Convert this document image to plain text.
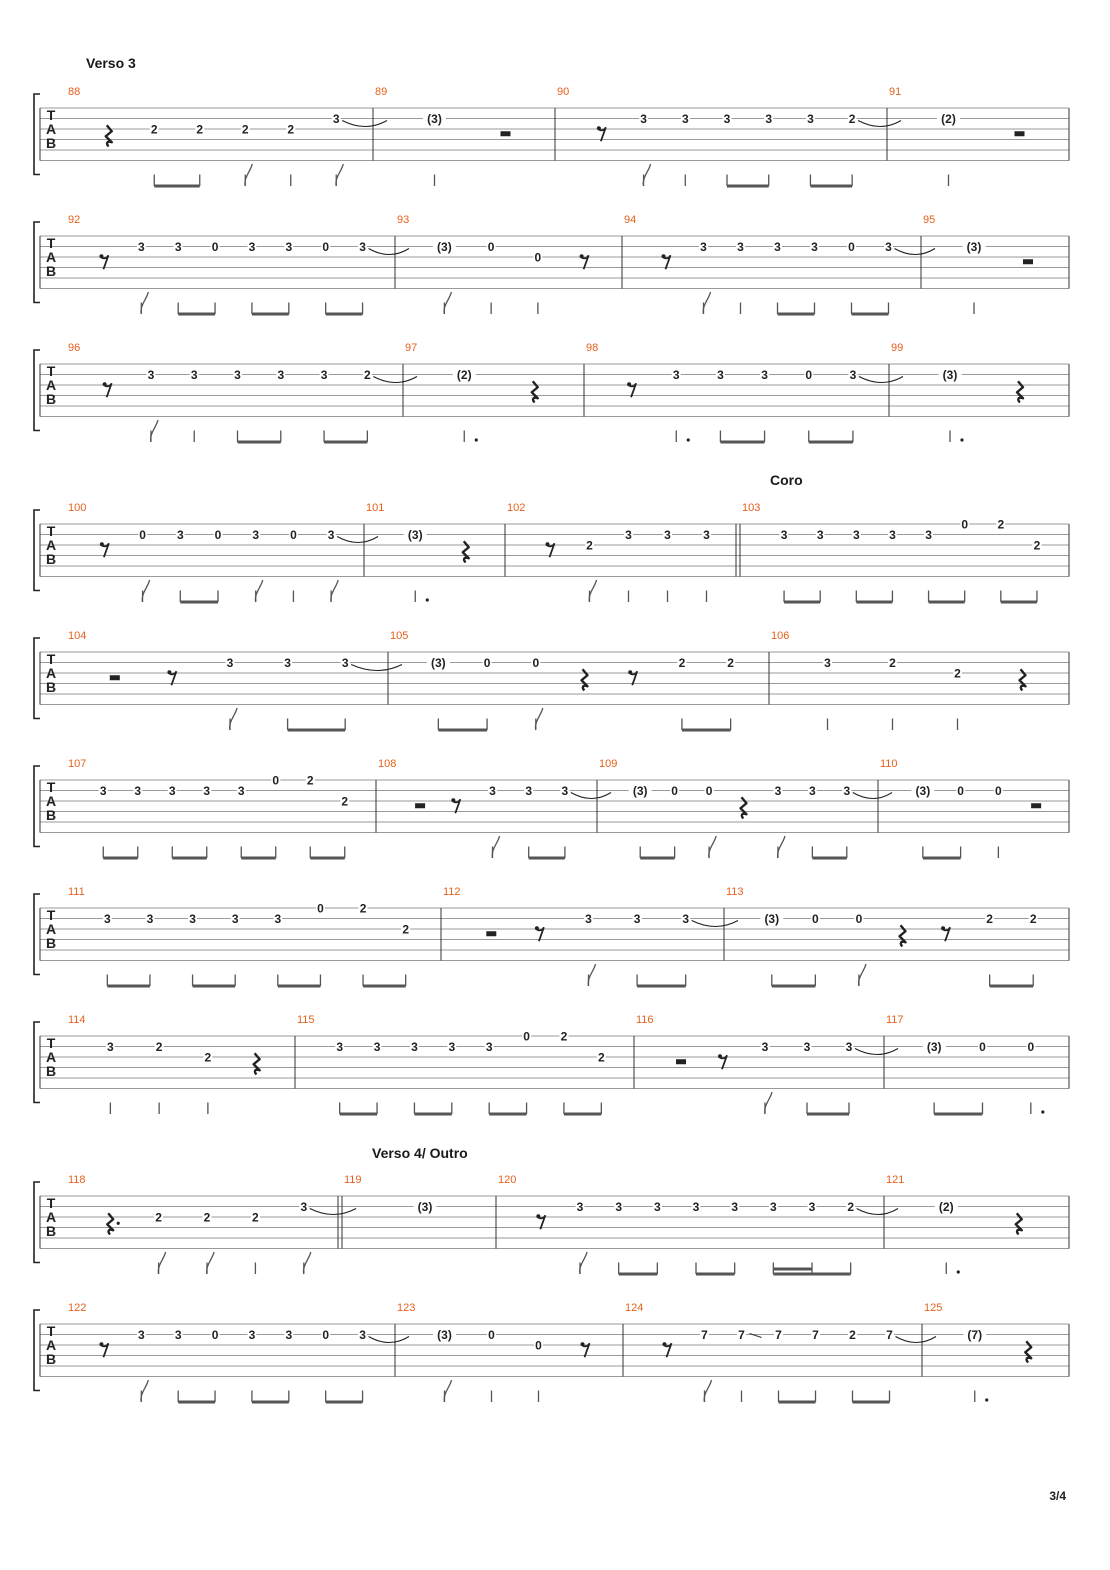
Verso 3
T
A
B
88
2	2	2	2
3
89
(3)
90
3	3	3	3	3	2
91
(2)
T
A
B
92
3	3	0	3	3	0	3
93
(3)	0
0
94
3	3	3	3	0	3
95
(3)
T
A
B
96
3	3	3	3	3	2
97
(2)
98
3	3	3	0	3
99
(3)
Coro
T
A
B
100
0	3	0	3	0	3
101
(3)
102
2
3	3	3
103
3 3 3 3 3
0 2
2
T
A
B
104
3	3	3
105
(3)	0	0	2	2
106
3	2
2
T
A
B
107
3 3 3 3 3
0 2
2
108
3 3 3
109
(3) 0 0	3 3 3
110
(3) 0	0
T
A
B
111
3	3	3	3	3
0	2
2
112
3	3	3
113
(3)	0	0	2	2
T
A
B
114
3	2
2
115
3	3	3	3	3
0	2
2
116
3	3	3
117
(3)	0	0
Verso 4/ Outro
T
A
B
118
2	2	2
3
119
(3)
120
3	3	3	3	3	3	3	2
121
(2)
T
A
B
122
3	3	0	3	3	0	3
123
(3)	0
0
124
7	7	7	7	2	7
125
(7)
3/4
